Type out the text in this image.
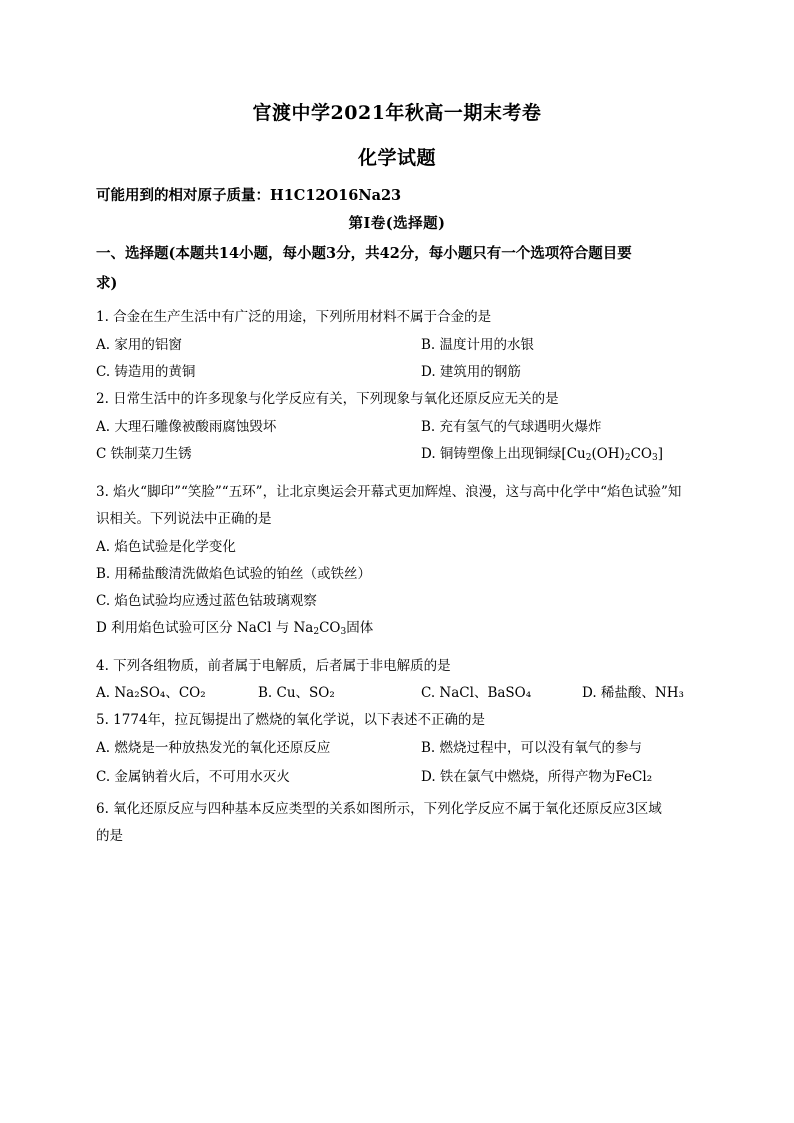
官渡中学2021年秋高一期末考卷
化学试题
可能用到的相对原子质量：H1C12O16Na23
第Ⅰ卷(选择题)
一、选择题(本题共14小题，每小题3分，共42分，每小题只有一个选项符合题目要
求)
1. 合金在生产生活中有广泛的用途，下列所用材料不属于合金的是
A. 家用的铝窗	B. 温度计用的水银
C. 铸造用的黄铜	D. 建筑用的钢筋
2. 日常生活中的许多现象与化学反应有关，下列现象与氧化还原反应无关的是
A. 大理石雕像被酸雨腐蚀毁坏	B. 充有氢气的气球遇明火爆炸
C 铁制菜刀生锈	D. 铜铸塑像上出现铜绿$[Cu_2(OH)_2CO_3]$
3. 焰火“脚印”“笑脸”“五环”，让北京奥运会开幕式更加辉煌、浪漫，这与高中化学中“焰色试验”知
识相关。下列说法中正确的是
A. 焰色试验是化学变化
B. 用稀盐酸清洗做焰色试验的铂丝（或铁丝）
C. 焰色试验均应透过蓝色钴玻璃观察
D 利用焰色试验可区分 NaCl 与 $Na_2CO_3$固体
4. 下列各组物质，前者属于电解质，后者属于非电解质的是
A. Na₂SO₄、CO₂	B. Cu、SO₂	C. NaCl、BaSO₄	D. 稀盐酸、NH₃
5. 1774年，拉瓦锡提出了燃烧的氧化学说，以下表述不正确的是
A. 燃烧是一种放热发光的氧化还原反应	B. 燃烧过程中，可以没有氧气的参与
C. 金属钠着火后，不可用水灭火	D. 铁在氯气中燃烧，所得产物为FeCl₂
6. 氧化还原反应与四种基本反应类型的关系如图所示，下列化学反应不属于氧化还原反应3区域
的是
